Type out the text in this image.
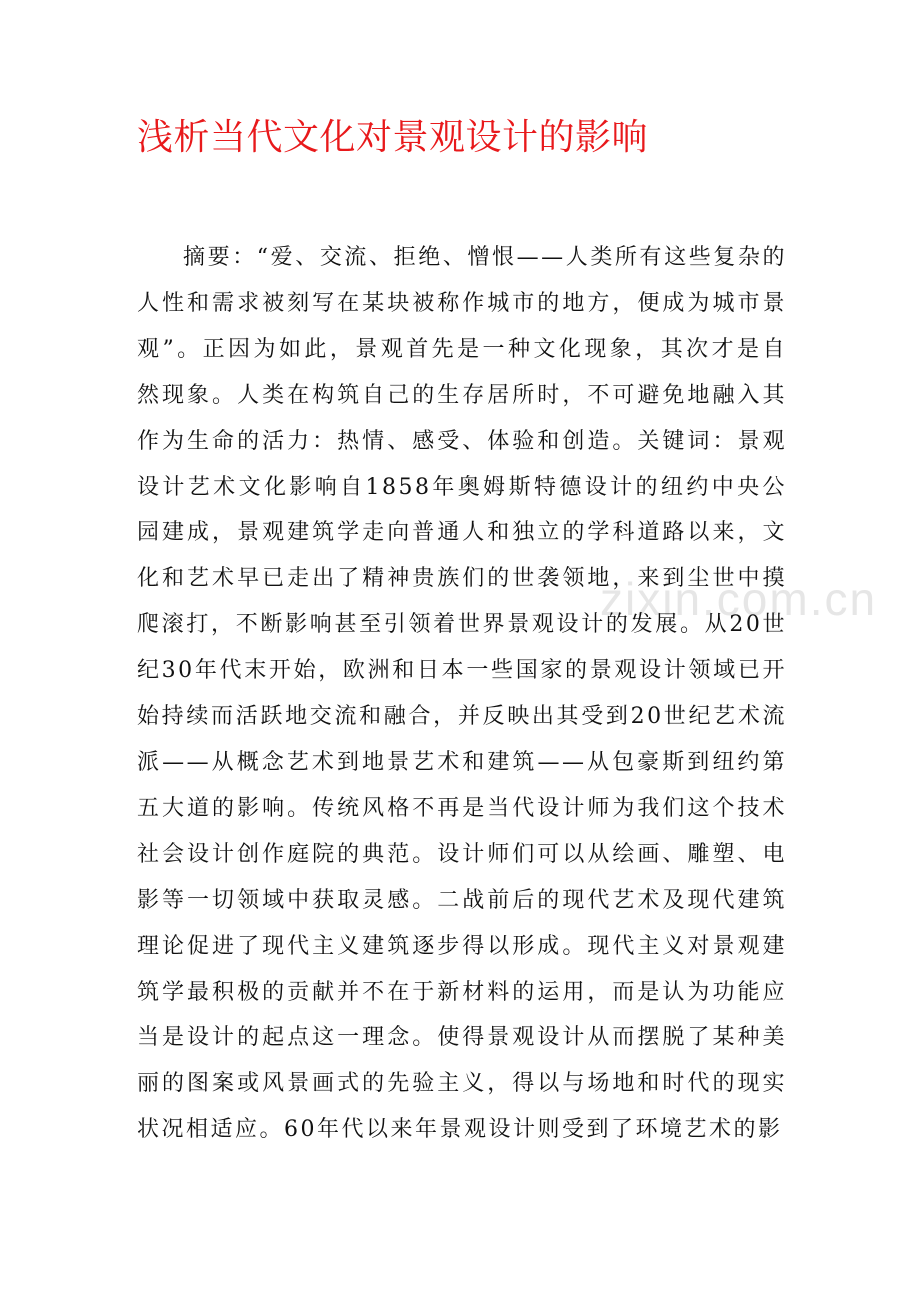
浅析当代文化对景观设计的影响
zixin.com.cn

摘要：“爱、交流、拒绝、憎恨——人类所有这些复杂的人性和需求被刻写在某块被称作城市的地方，便成为城市景观”。正因为如此，景观首先是一种文化现象，其次才是自然现象。人类在构筑自己的生存居所时，不可避免地融入其作为生命的活力：热情、感受、体验和创造。关键词：景观设计艺术文化影响自1858年奥姆斯特德设计的纽约中央公园建成，景观建筑学走向普通人和独立的学科道路以来，文化和艺术早已走出了精神贵族们的世袭领地，来到尘世中摸爬滚打，不断影响甚至引领着世界景观设计的发展。从20世纪30年代末开始，欧洲和日本一些国家的景观设计领域已开始持续而活跃地交流和融合，并反映出其受到20世纪艺术流派——从概念艺术到地景艺术和建筑——从包豪斯到纽约第五大道的影响。传统风格不再是当代设计师为我们这个技术社会设计创作庭院的典范。设计师们可以从绘画、雕塑、电影等一切领域中获取灵感。二战前后的现代艺术及现代建筑理论促进了现代主义建筑逐步得以形成。现代主义对景观建筑学最积极的贡献并不在于新材料的运用，而是认为功能应当是设计的起点这一理念。使得景观设计从而摆脱了某种美丽的图案或风景画式的先验主义，得以与场地和时代的现实状况相适应。60年代以来年景观设计则受到了环境艺术的影
